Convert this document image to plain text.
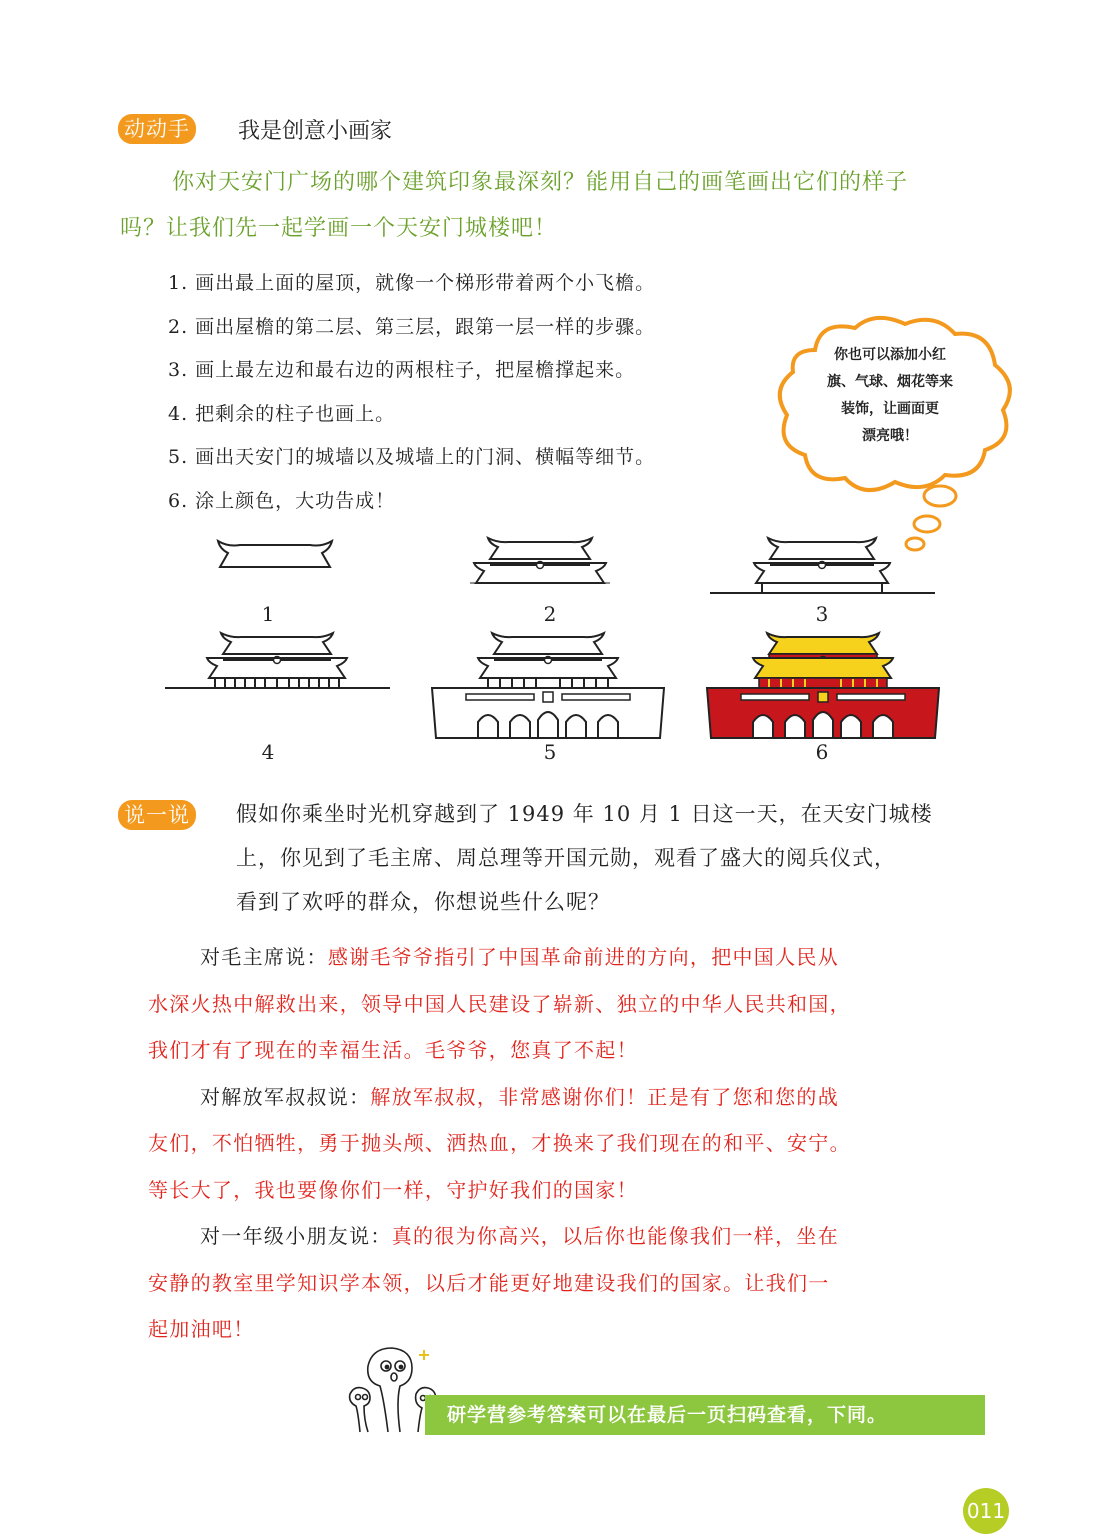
动动手 我是创意小画家
你对天安门广场的哪个建筑印象最深刻？能用自己的画笔画出它们的样子
吗？让我们先一起学画一个天安门城楼吧！
1. 画出最上面的屋顶，就像一个梯形带着两个小飞檐。
2. 画出屋檐的第二层、第三层，跟第一层一样的步骤。
3. 画上最左边和最右边的两根柱子，把屋檐撑起来。
4. 把剩余的柱子也画上。
5. 画出天安门的城墙以及城墙上的门洞、横幅等细节。
6. 涂上颜色，大功告成！
你也可以添加小红
旗、气球、烟花等来
装饰，让画面更
漂亮哦！
1	2	3
4	5	6
说一说 假如你乘坐时光机穿越到了 1949 年 10 月 1 日这一天，在天安门城楼
上，你见到了毛主席、周总理等开国元勋，观看了盛大的阅兵仪式，
看到了欢呼的群众，你想说些什么呢？
对毛主席说：感谢毛爷爷指引了中国革命前进的方向，把中国人民从
水深火热中解救出来，领导中国人民建设了崭新、独立的中华人民共和国，
我们才有了现在的幸福生活。毛爷爷，您真了不起！
对解放军叔叔说：解放军叔叔，非常感谢你们！正是有了您和您的战
友们，不怕牺牲，勇于抛头颅、洒热血，才换来了我们现在的和平、安宁。
等长大了，我也要像你们一样，守护好我们的国家！
对一年级小朋友说：真的很为你高兴，以后你也能像我们一样，坐在
安静的教室里学知识学本领，以后才能更好地建设我们的国家。让我们一
起加油吧！
研学营参考答案可以在最后一页扫码查看，下同。
011
